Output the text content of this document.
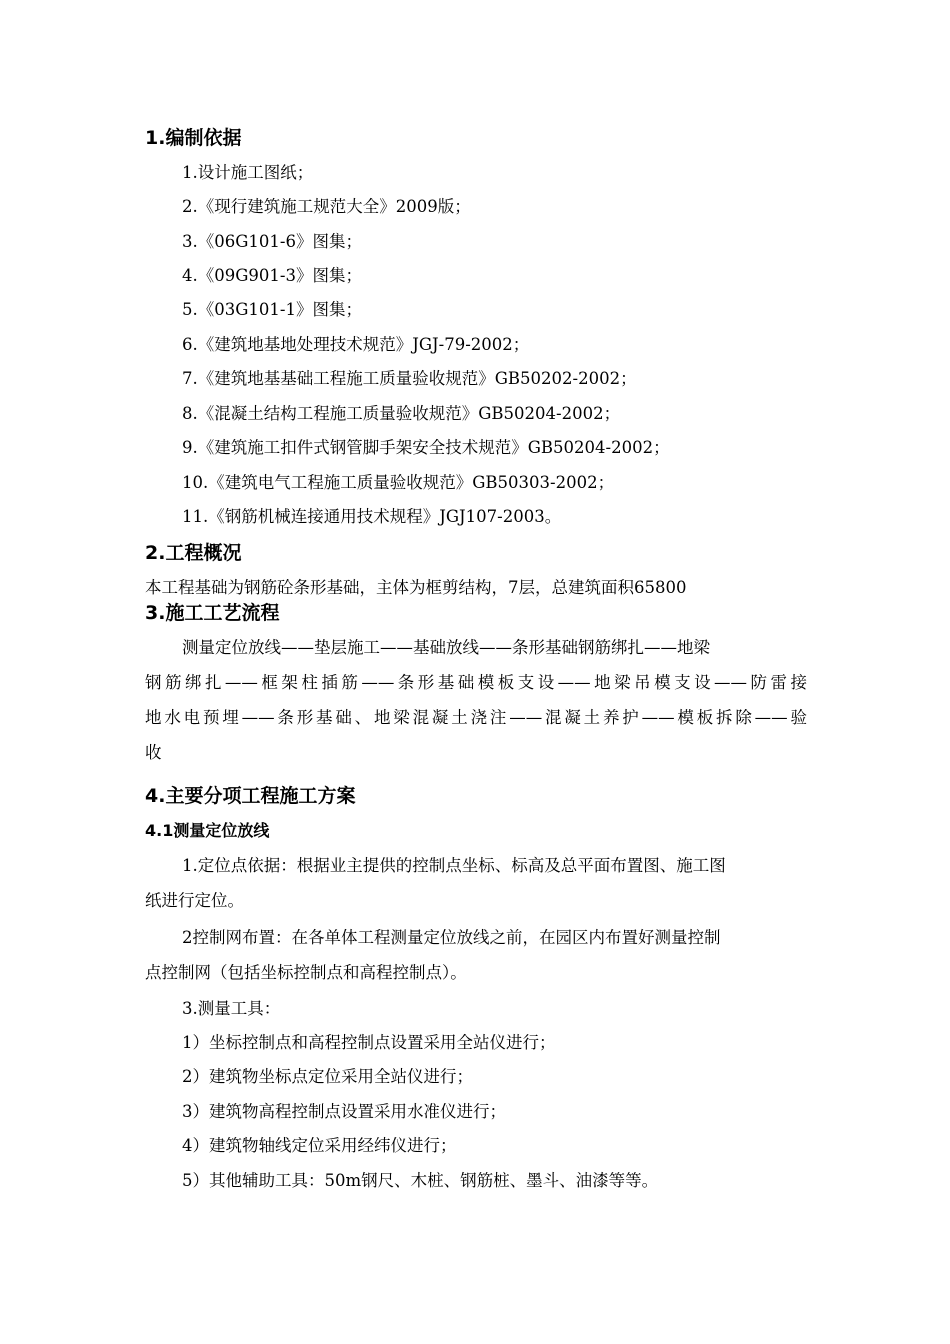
1.编制依据
1.设计施工图纸；
2.《现行建筑施工规范大全》2009版；
3.《06G101-6》图集；
4.《09G901-3》图集；
5.《03G101-1》图集；
6.《建筑地基地处理技术规范》JGJ-79-2002；
7.《建筑地基基础工程施工质量验收规范》GB50202-2002；
8.《混凝土结构工程施工质量验收规范》GB50204-2002；
9.《建筑施工扣件式钢管脚手架安全技术规范》GB50204-2002；
10.《建筑电气工程施工质量验收规范》GB50303-2002；
11.《钢筋机械连接通用技术规程》JGJ107-2003。
2.工程概况
本工程基础为钢筋砼条形基础，主体为框剪结构，7层，总建筑面积65800
3.施工工艺流程
测量定位放线——垫层施工——基础放线——条形基础钢筋绑扎——地梁
钢筋绑扎——框架柱插筋——条形基础模板支设——地梁吊模支设——防雷接
地水电预埋——条形基础、地梁混凝土浇注——混凝土养护——模板拆除——验
收
4.主要分项工程施工方案
4.1测量定位放线
1.定位点依据：根据业主提供的控制点坐标、标高及总平面布置图、施工图
纸进行定位。
2控制网布置：在各单体工程测量定位放线之前，在园区内布置好测量控制
点控制网（包括坐标控制点和高程控制点）。
3.测量工具：
1）坐标控制点和高程控制点设置采用全站仪进行；
2）建筑物坐标点定位采用全站仪进行；
3）建筑物高程控制点设置采用水准仪进行；
4）建筑物轴线定位采用经纬仪进行；
5）其他辅助工具：50m钢尺、木桩、钢筋桩、墨斗、油漆等等。
